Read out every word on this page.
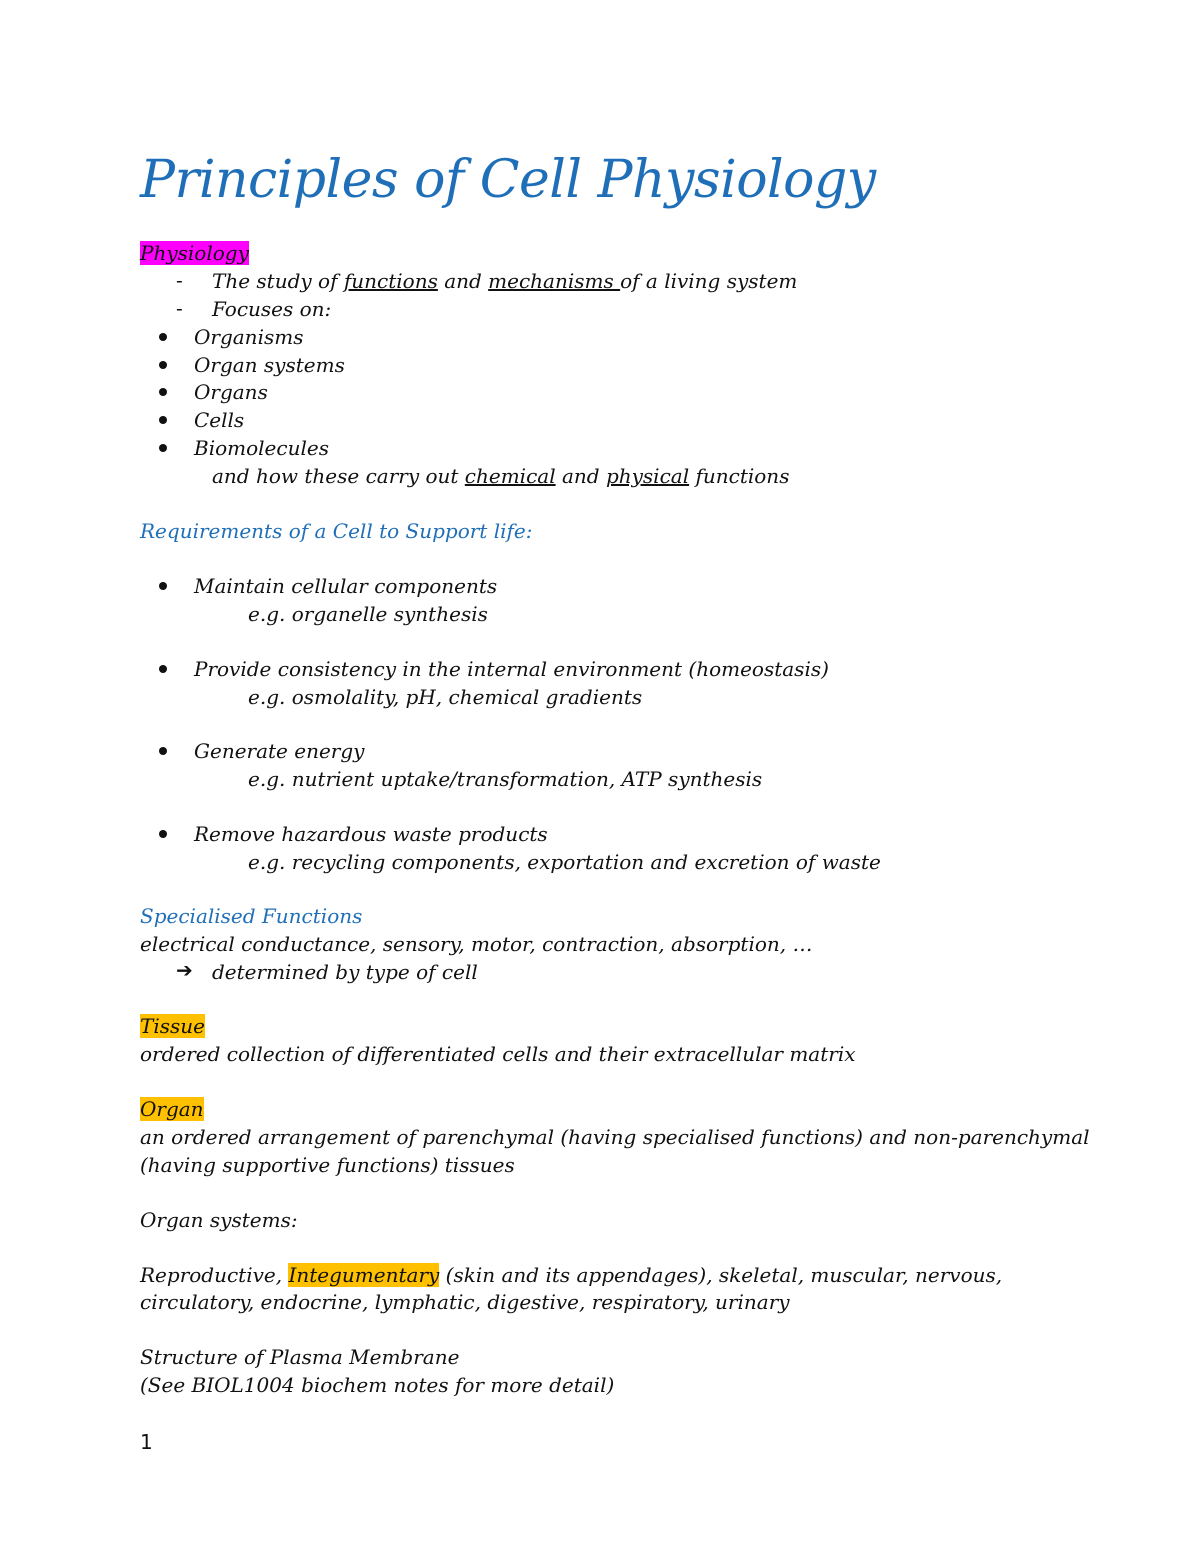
Principles of Cell Physiology
Physiology
- The study of functions and mechanisms of a living system
- Focuses on:
Organisms
Organ systems
Organs
Cells
Biomolecules
and how these carry out chemical and physical functions
Requirements of a Cell to Support life:
Maintain cellular components
e.g. organelle synthesis
Provide consistency in the internal environment (homeostasis)
e.g. osmolality, pH, chemical gradients
Generate energy
e.g. nutrient uptake/transformation, ATP synthesis
Remove hazardous waste products
e.g. recycling components, exportation and excretion of waste
Specialised Functions
electrical conductance, sensory, motor, contraction, absorption, …
➔ determined by type of cell
Tissue
ordered collection of differentiated cells and their extracellular matrix
Organ
an ordered arrangement of parenchymal (having specialised functions) and non-parenchymal
(having supportive functions) tissues
Organ systems:
Reproductive, Integumentary (skin and its appendages), skeletal, muscular, nervous,
circulatory, endocrine, lymphatic, digestive, respiratory, urinary
Structure of Plasma Membrane
(See BIOL1004 biochem notes for more detail)
1
